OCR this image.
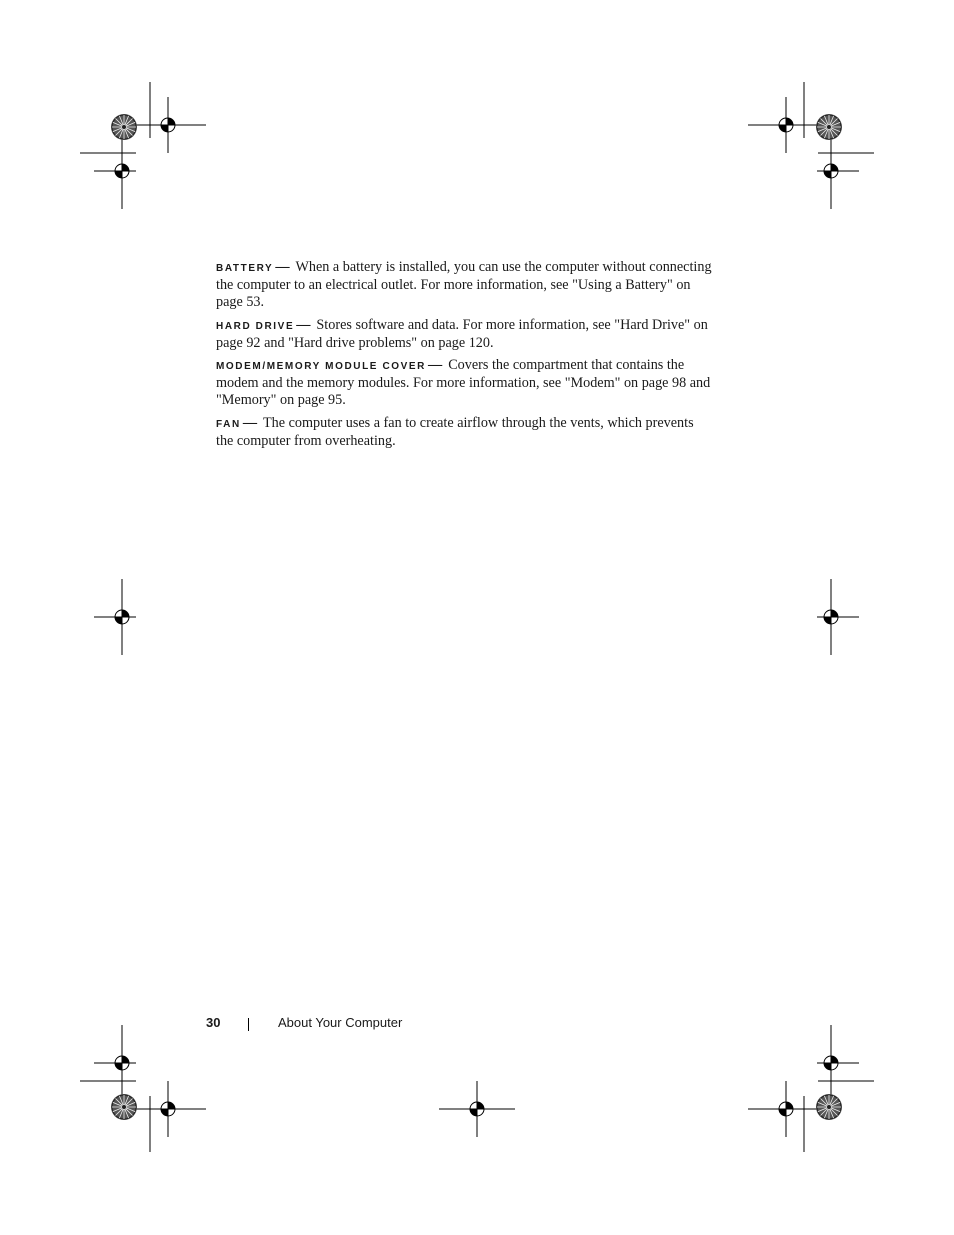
BATTERY — When a battery is installed, you can use the computer without connecting the computer to an electrical outlet. For more information, see "Using a Battery" on page 53.

HARD DRIVE — Stores software and data. For more information, see "Hard Drive" on page 92 and "Hard drive problems" on page 120.

MODEM/MEMORY MODULE COVER — Covers the compartment that contains the modem and the memory modules. For more information, see "Modem" on page 98 and "Memory" on page 95.

FAN — The computer uses a fan to create airflow through the vents, which prevents the computer from overheating.

30	About Your Computer
